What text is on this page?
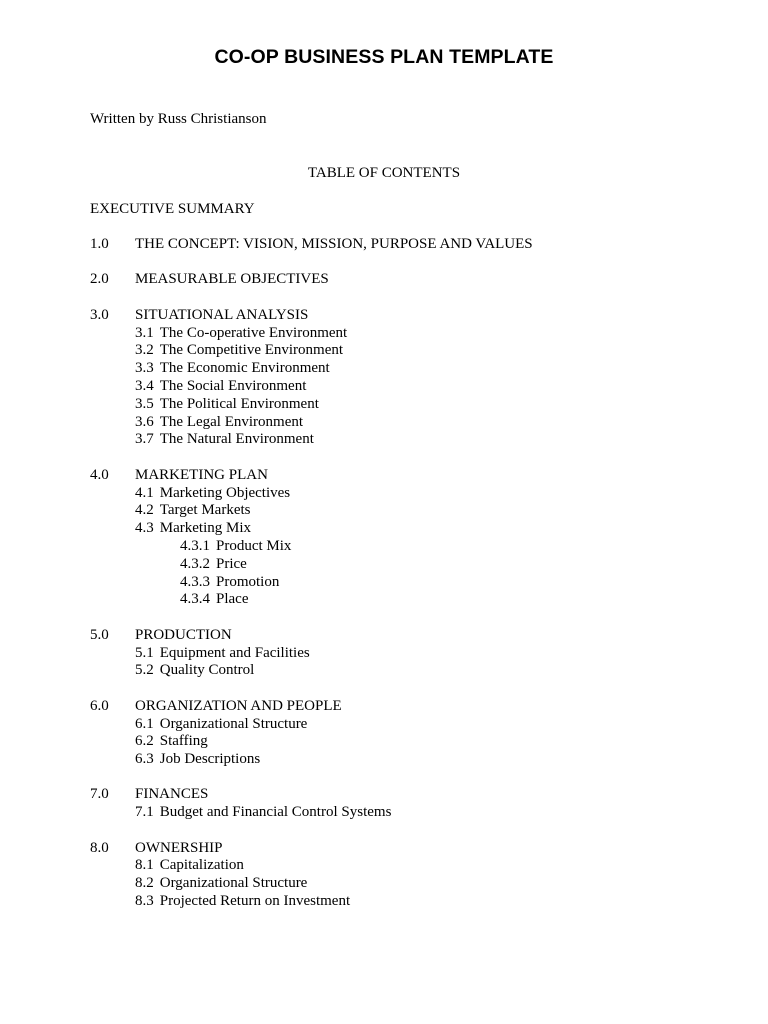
CO-OP BUSINESS PLAN TEMPLATE
Written by Russ Christianson
TABLE OF CONTENTS
EXECUTIVE SUMMARY
1.0 THE CONCEPT: VISION, MISSION, PURPOSE AND VALUES
2.0 MEASURABLE OBJECTIVES
3.0 SITUATIONAL ANALYSIS
3.1 The Co-operative Environment
3.2 The Competitive Environment
3.3 The Economic Environment
3.4 The Social Environment
3.5 The Political Environment
3.6 The Legal Environment
3.7 The Natural Environment
4.0 MARKETING PLAN
4.1 Marketing Objectives
4.2 Target Markets
4.3 Marketing Mix
4.3.1 Product Mix
4.3.2 Price
4.3.3 Promotion
4.3.4 Place
5.0 PRODUCTION
5.1 Equipment and Facilities
5.2 Quality Control
6.0 ORGANIZATION AND PEOPLE
6.1 Organizational Structure
6.2 Staffing
6.3 Job Descriptions
7.0 FINANCES
7.1 Budget and Financial Control Systems
8.0 OWNERSHIP
8.1 Capitalization
8.2 Organizational Structure
8.3 Projected Return on Investment
